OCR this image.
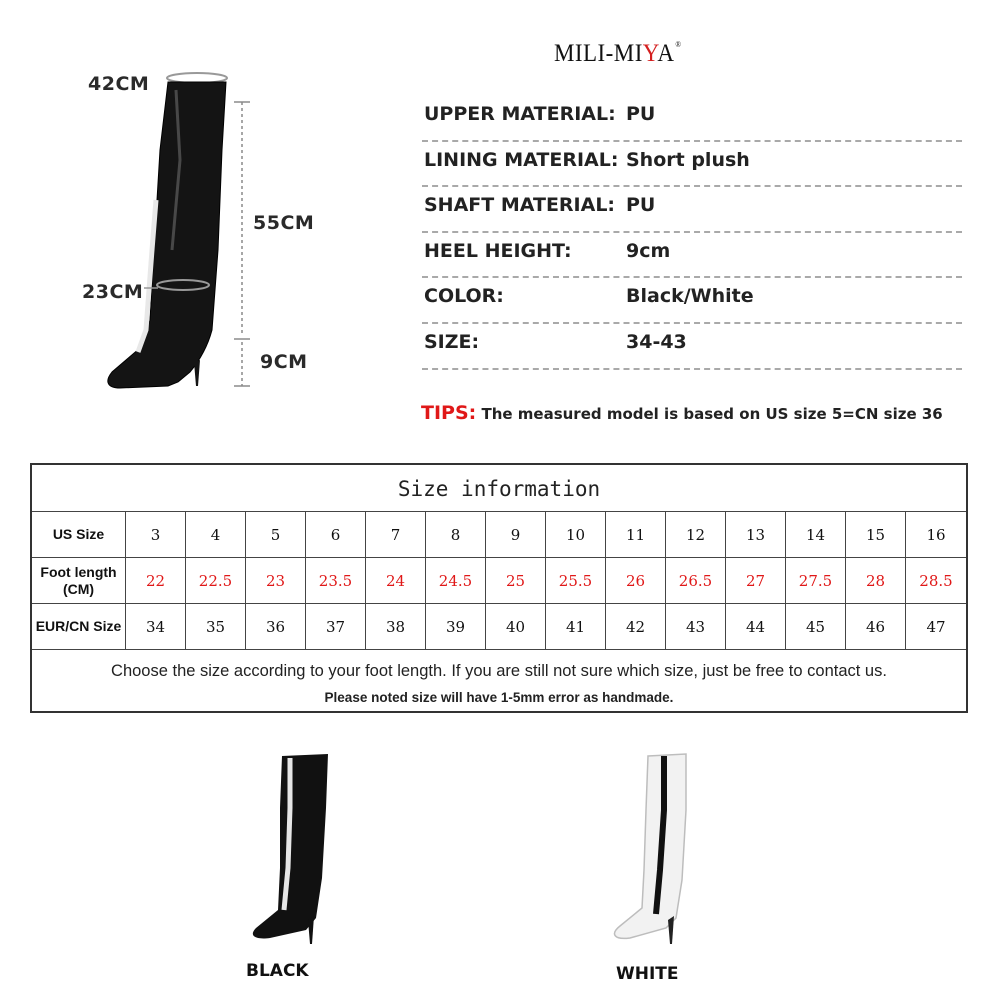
42CM
55CM
23CM
9CM
MILI-MIYA®
UPPER MATERIAL: PU
LINING MATERIAL: Short plush
SHAFT MATERIAL: PU
HEEL HEIGHT:	9cm
COLOR:	Black/White
SIZE:	34-43
TIPS: The measured model is based on US size 5=CN size 36
Size information
US Size	3	4	5	6	7	8	9	10	11	12	13	14	15	16
Foot length (CM)	22	22.5	23	23.5	24	24.5	25	25.5	26	26.5	27	27.5	28	28.5
EUR/CN Size	34	35	36	37	38	39	40	41	42	43	44	45	46	47
Choose the size according to your foot length. If you are still not sure which size, just be free to contact us.
Please noted size will have 1-5mm error as handmade.
BLACK	WHITE
